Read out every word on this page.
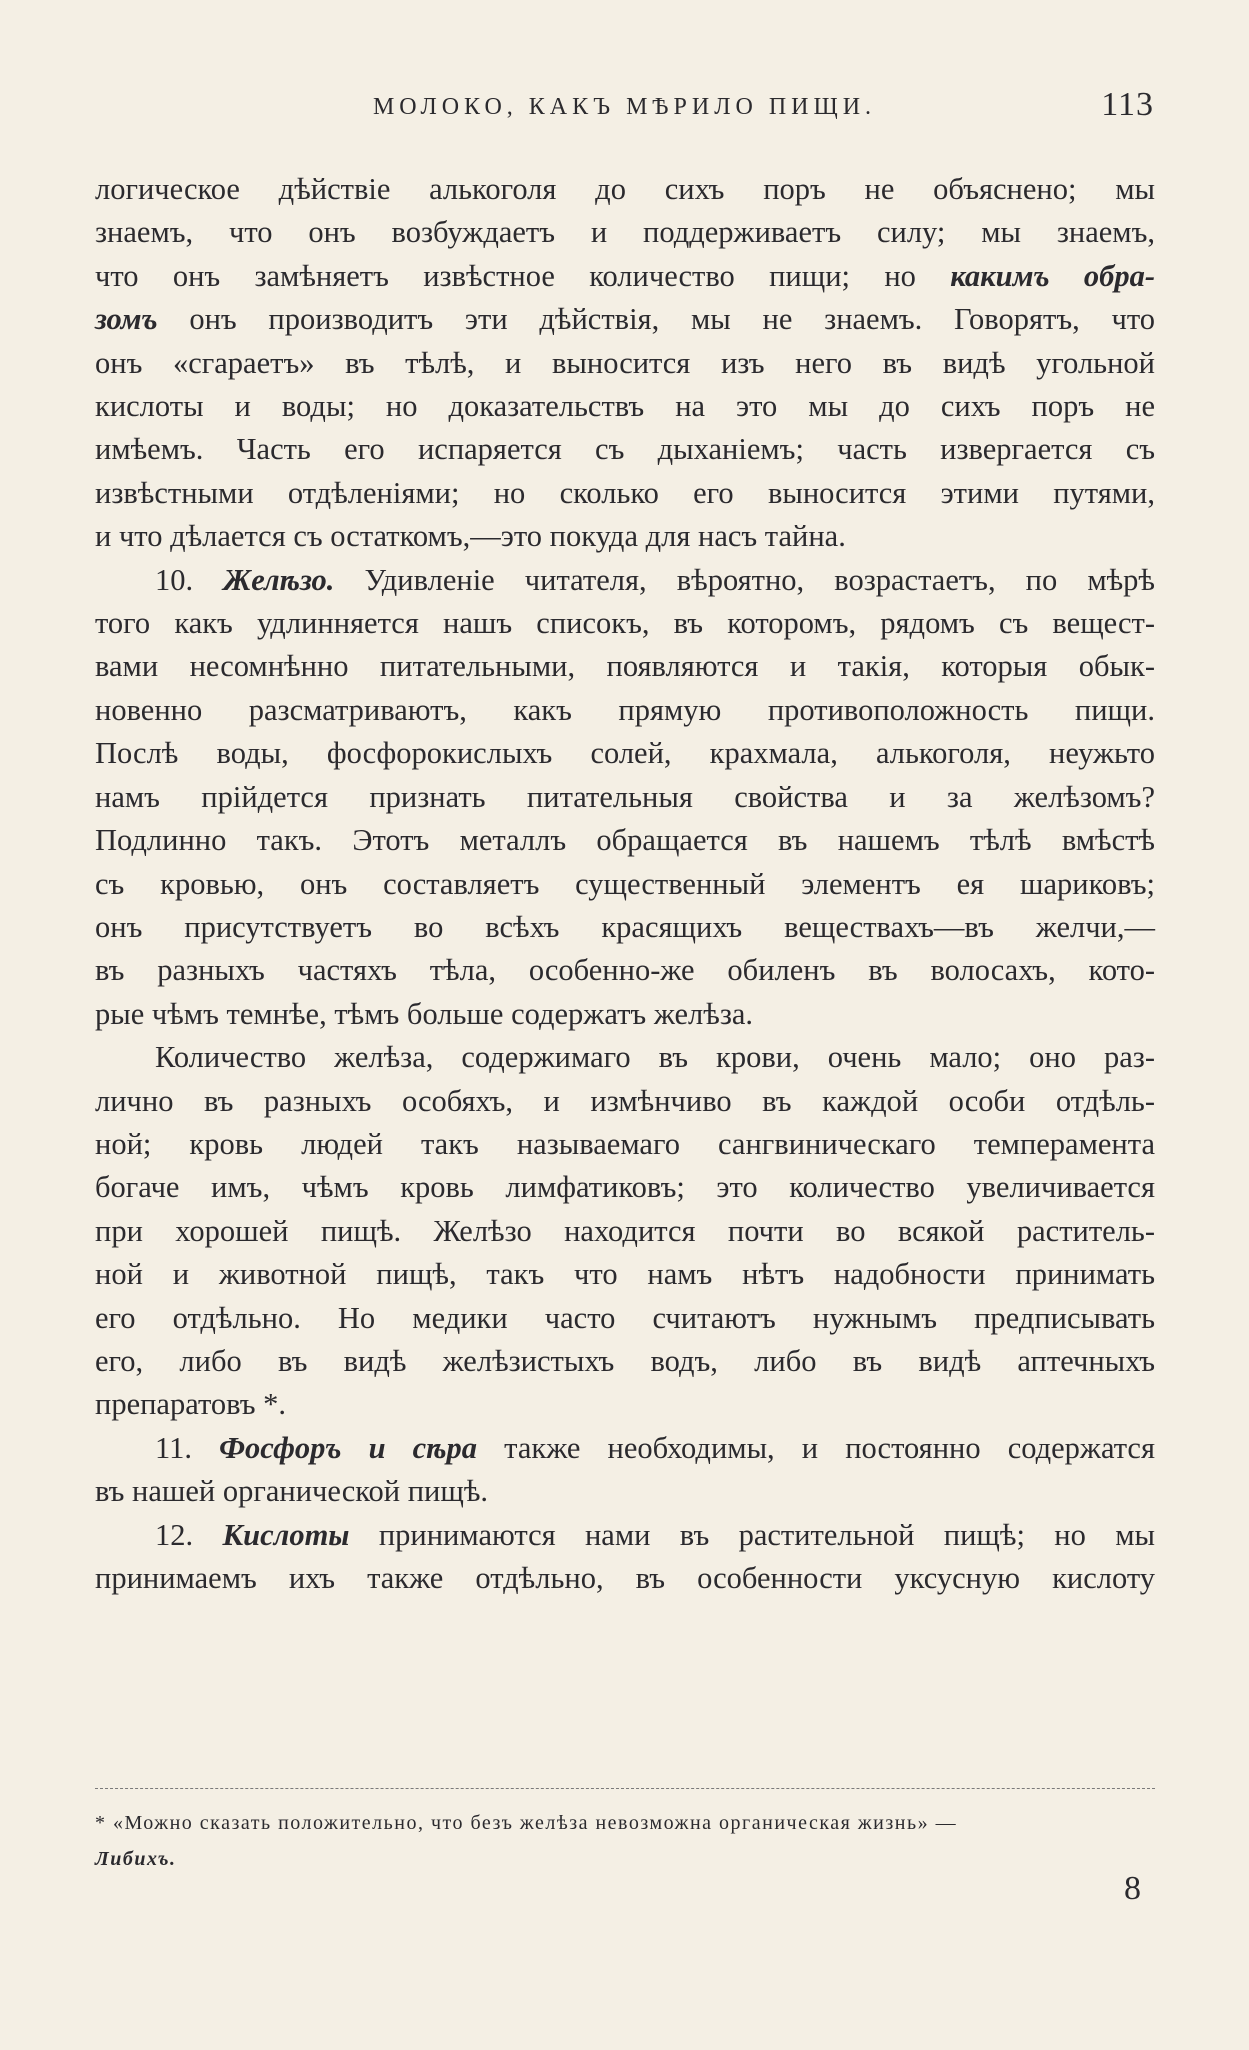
МОЛОКО, КАКЪ МѢРИЛО ПИЩИ.	113

логическое дѣйствіе алькоголя до сихъ поръ не объяснено; мы
знаемъ, что онъ возбуждаетъ и поддерживаетъ силу; мы знаемъ,
что онъ замѣняетъ извѣстное количество пищи; но какимъ обра-
зомъ онъ производитъ эти дѣйствія, мы не знаемъ. Говорятъ, что
онъ «сгараетъ» въ тѣлѣ, и выносится изъ него въ видѣ угольной
кислоты и воды; но доказательствъ на это мы до сихъ поръ не
имѣемъ. Часть его испаряется съ дыханіемъ; часть извергается съ
извѣстными отдѣленіями; но сколько его выносится этими путями,
и что дѣлается съ остаткомъ,—это покуда для насъ тайна.

10. Желѣзо. Удивленіе читателя, вѣроятно, возрастаетъ, по мѣрѣ
того какъ удлинняется нашъ списокъ, въ которомъ, рядомъ съ вещест-
вами несомнѣнно питательными, появляются и такія, которыя обык-
новенно разсматриваютъ, какъ прямую противоположность пищи.
Послѣ воды, фосфорокислыхъ солей, крахмала, алькоголя, неужьто
намъ прійдется признать питательныя свойства и за желѣзомъ?
Подлинно такъ. Этотъ металлъ обращается въ нашемъ тѣлѣ вмѣстѣ
съ кровью, онъ составляетъ существенный элементъ ея шариковъ;
онъ присутствуетъ во всѣхъ красящихъ веществахъ—въ желчи,—
въ разныхъ частяхъ тѣла, особенно-же обиленъ въ волосахъ, кото-
рые чѣмъ темнѣе, тѣмъ больше содержатъ желѣза.

Количество желѣза, содержимаго въ крови, очень мало; оно раз-
лично въ разныхъ особяхъ, и измѣнчиво въ каждой особи отдѣль-
ной; кровь людей такъ называемаго сангвиническаго темперамента
богаче имъ, чѣмъ кровь лимфатиковъ; это количество увеличивается
при хорошей пищѣ. Желѣзо находится почти во всякой раститель-
ной и животной пищѣ, такъ что намъ нѣтъ надобности принимать
его отдѣльно. Но медики часто считаютъ нужнымъ предписывать
его, либо въ видѣ желѣзистыхъ водъ, либо въ видѣ аптечныхъ
препаратовъ *.

11. Фосфоръ и сѣра также необходимы, и постоянно содержатся
въ нашей органической пищѣ.

12. Кислоты принимаются нами въ растительной пищѣ; но мы
принимаемъ ихъ также отдѣльно, въ особенности уксусную кислоту

* «Можно сказать положительно, что безъ желѣза невозможна органическая жизнь» —
Либихъ.
8
